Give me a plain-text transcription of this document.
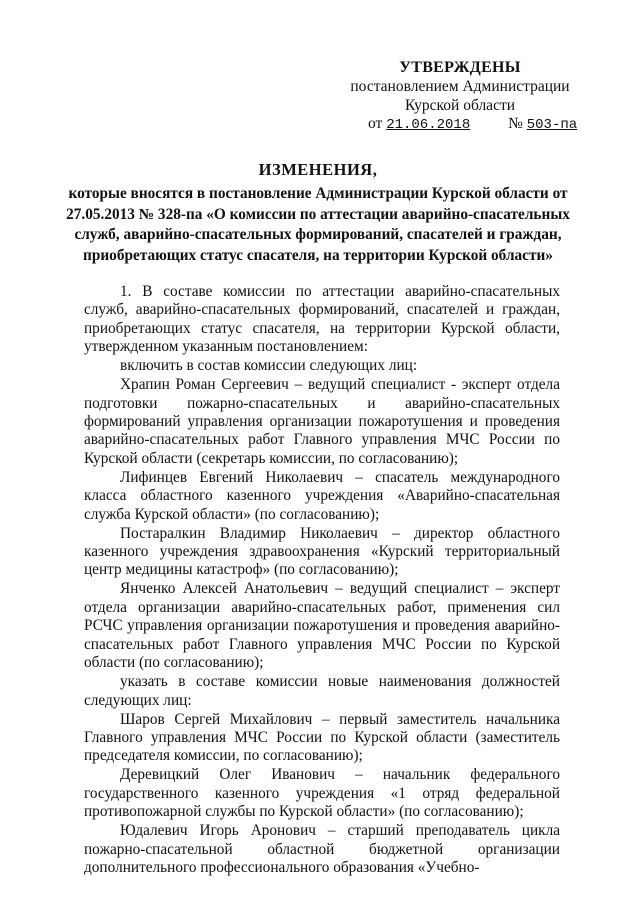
УТВЕРЖДЕНЫ

постановлением Администрации

Курской области

от 21.06.2018 № 503-па

ИЗМЕНЕНИЯ,

которые вносятся в постановление Администрации Курской области от 27.05.2013 № 328-па «О комиссии по аттестации аварийно-спасательных служб, аварийно-спасательных формирований, спасателей и граждан, приобретающих статус спасателя, на территории Курской области»

1. В составе комиссии по аттестации аварийно-спасательных служб, аварийно-спасательных формирований, спасателей и граждан, приобретающих статус спасателя, на территории Курской области, утвержденном указанным постановлением:

включить в состав комиссии следующих лиц:

Храпин Роман Сергеевич – ведущий специалист - эксперт отдела подготовки пожарно-спасательных и аварийно-спасательных формирований управления организации пожаротушения и проведения аварийно-спасательных работ Главного управления МЧС России по Курской области (секретарь комиссии, по согласованию);

Лифинцев Евгений Николаевич – спасатель международного класса областного казенного учреждения «Аварийно-спасательная служба Курской области» (по согласованию);

Постаралкин Владимир Николаевич – директор областного казенного учреждения здравоохранения «Курский территориальный центр медицины катастроф» (по согласованию);

Янченко Алексей Анатольевич – ведущий специалист – эксперт отдела организации аварийно-спасательных работ, применения сил РСЧС управления организации пожаротушения и проведения аварийно-спасательных работ Главного управления МЧС России по Курской области (по согласованию);

указать в составе комиссии новые наименования должностей следующих лиц:

Шаров Сергей Михайлович – первый заместитель начальника Главного управления МЧС России по Курской области (заместитель председателя комиссии, по согласованию);

Деревицкий Олег Иванович – начальник федерального государственного казенного учреждения «1 отряд федеральной противопожарной службы по Курской области» (по согласованию);

Юдалевич Игорь Аронович – старший преподаватель цикла пожарно-спасательной областной бюджетной организации дополнительного профессионального образования «Учебно-
